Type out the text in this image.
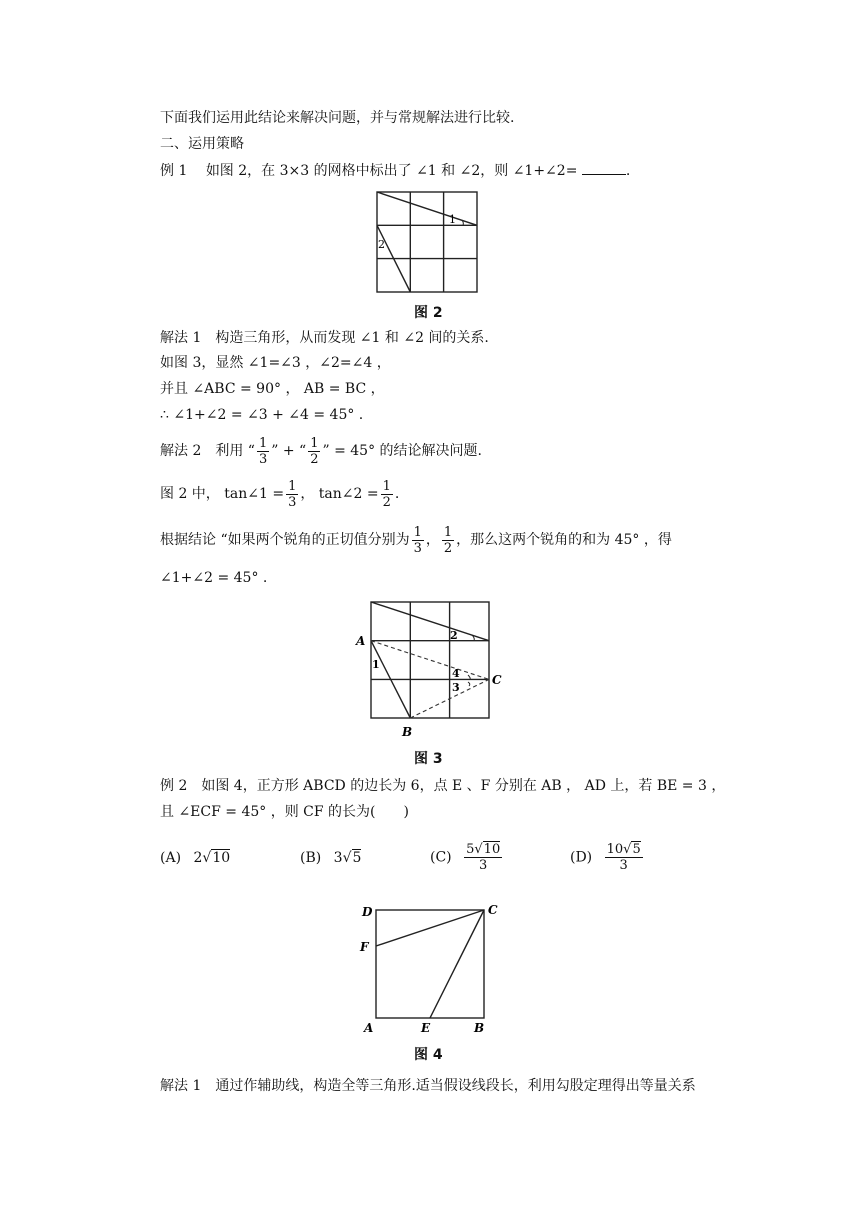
下面我们运用此结论来解决问题，并与常规解法进行比较.
二、运用策略
例 1 如图 2，在 3×3 的网格中标出了 ∠1 和 ∠2，则 ∠1+∠2=	.
1
2
图 2
解法 1　构造三角形，从而发现 ∠1 和 ∠2 间的关系.
如图 3，显然 ∠1=∠3 ，∠2=∠4 ，
并且 ∠ABC = 90° ， AB = BC ，
∴ ∠1+∠2 = ∠3 + ∠4 = 45° .
解法 2　利用 “ $\frac{1}{3}$ ” + “ $\frac{1}{2}$ ” = 45° 的结论解决问题.
图 2 中， tan∠1 = $\frac{1}{3}$ ， tan∠2 = $\frac{1}{2}$ .
根据结论 “如果两个锐角的正切值分别为 $\frac{1}{3}$ ， $\frac{1}{2}$ ，那么这两个锐角的和为 45° ，得
∠1+∠2 = 45° .
A
B
C
1
2
3
4
图 3
例 2　如图 4，正方形 ABCD 的边长为 6，点 E 、F 分别在 AB ， AD 上，若 BE = 3 ，
且 ∠ECF = 45° ，则 CF 的长为(　　)
(A) 2√10	(B) 3√5	$(C) \frac{5√10}{3}$	$(D) \frac{10√5}{3}$
D	C
F
A	E	B
图 4
解法 1　通过作辅助线，构造全等三角形.适当假设线段长，利用勾股定理得出等量关系
